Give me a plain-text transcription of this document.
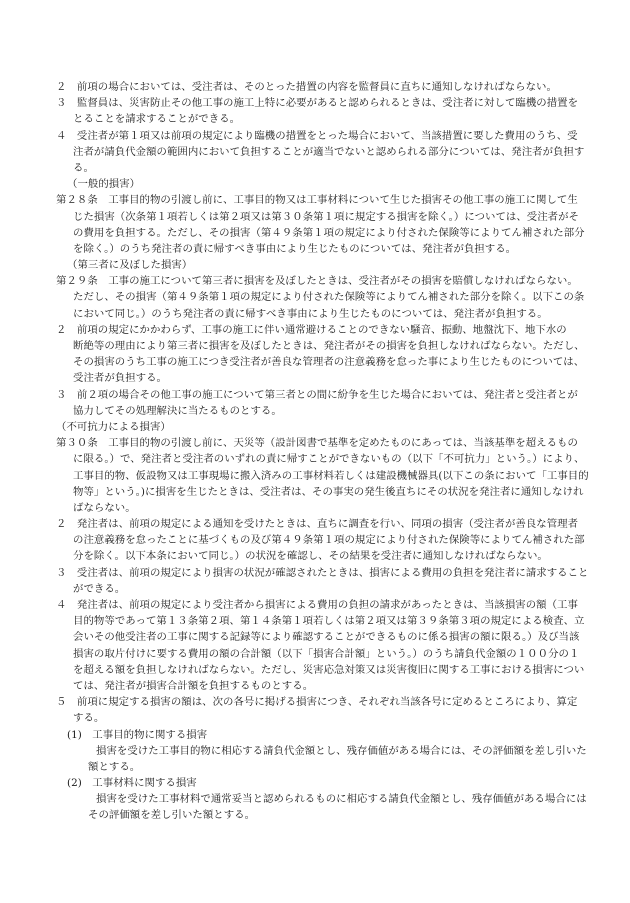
２　前項の場合においては、受注者は、そのとった措置の内容を監督員に直ちに通知しなければならない。
３　監督員は、災害防止その他工事の施工上特に必要があると認められるときは、受注者に対して臨機の措置を
とることを請求することができる。
４　受注者が第１項又は前項の規定により臨機の措置をとった場合において、当該措置に要した費用のうち、受
注者が請負代金額の範囲内において負担することが適当でないと認められる部分については、発注者が負担す
る。
（一般的損害）
第２８条　工事目的物の引渡し前に、工事目的物又は工事材料について生じた損害その他工事の施工に関して生
じた損害（次条第１項若しくは第２項又は第３０条第１項に規定する損害を除く。）については、受注者がそ
の費用を負担する。ただし、その損害（第４９条第１項の規定により付された保険等によりてん補された部分
を除く。）のうち発注者の責に帰すべき事由により生じたものについては、発注者が負担する。
（第三者に及ぼした損害）
第２９条　工事の施工について第三者に損害を及ぼしたときは、受注者がその損害を賠償しなければならない。
ただし、その損害（第４９条第１項の規定により付された保険等によりてん補された部分を除く。以下この条
において同じ。）のうち発注者の責に帰すべき事由により生じたものについては、発注者が負担する。
２　前項の規定にかかわらず、工事の施工に伴い通常避けることのできない騒音、振動、地盤沈下、地下水の
断絶等の理由により第三者に損害を及ぼしたときは、発注者がその損害を負担しなければならない。ただし、
その損害のうち工事の施工につき受注者が善良な管理者の注意義務を怠った事により生じたものについては、
受注者が負担する。
３　前２項の場合その他工事の施工について第三者との間に紛争を生じた場合においては、発注者と受注者とが
協力してその処理解決に当たるものとする。
（不可抗力による損害）
第３０条　工事目的物の引渡し前に、天災等（設計図書で基準を定めたものにあっては、当該基準を超えるもの
に限る。）で、発注者と受注者のいずれの責に帰すことができないもの（以下「不可抗力」という。）により、
工事目的物、仮設物又は工事現場に搬入済みの工事材料若しくは建設機械器具(以下この条において「工事目的
物等」という。)に損害を生じたときは、受注者は、その事実の発生後直ちにその状況を発注者に通知しなけれ
ばならない。
２　発注者は、前項の規定による通知を受けたときは、直ちに調査を行い、同項の損害（受注者が善良な管理者
の注意義務を怠ったことに基づくもの及び第４９条第１項の規定により付された保険等によりてん補された部
分を除く。以下本条において同じ。）の状況を確認し、その結果を受注者に通知しなければならない。
３　受注者は、前項の規定により損害の状況が確認されたときは、損害による費用の負担を発注者に請求すること
ができる。
４　発注者は、前項の規定により受注者から損害による費用の負担の請求があったときは、当該損害の額（工事
目的物等であって第１３条第２項、第１４条第１項若しくは第２項又は第３９条第３項の規定による検査、立
会いその他受注者の工事に関する記録等により確認することができるものに係る損害の額に限る。）及び当該
損害の取片付けに要する費用の額の合計額（以下「損害合計額」という。）のうち請負代金額の１００分の１
を超える額を負担しなければならない。ただし、災害応急対策又は災害復旧に関する工事における損害につい
ては、発注者が損害合計額を負担するものとする。
５　前項に規定する損害の額は、次の各号に掲げる損害につき、それぞれ当該各号に定めるところにより、算定
する。
(1)　工事目的物に関する損害
損害を受けた工事目的物に相応する請負代金額とし、残存価値がある場合には、その評価額を差し引いた
額とする。
(2)　工事材料に関する損害
損害を受けた工事材料で通常妥当と認められるものに相応する請負代金額とし、残存価値がある場合には
その評価額を差し引いた額とする。
